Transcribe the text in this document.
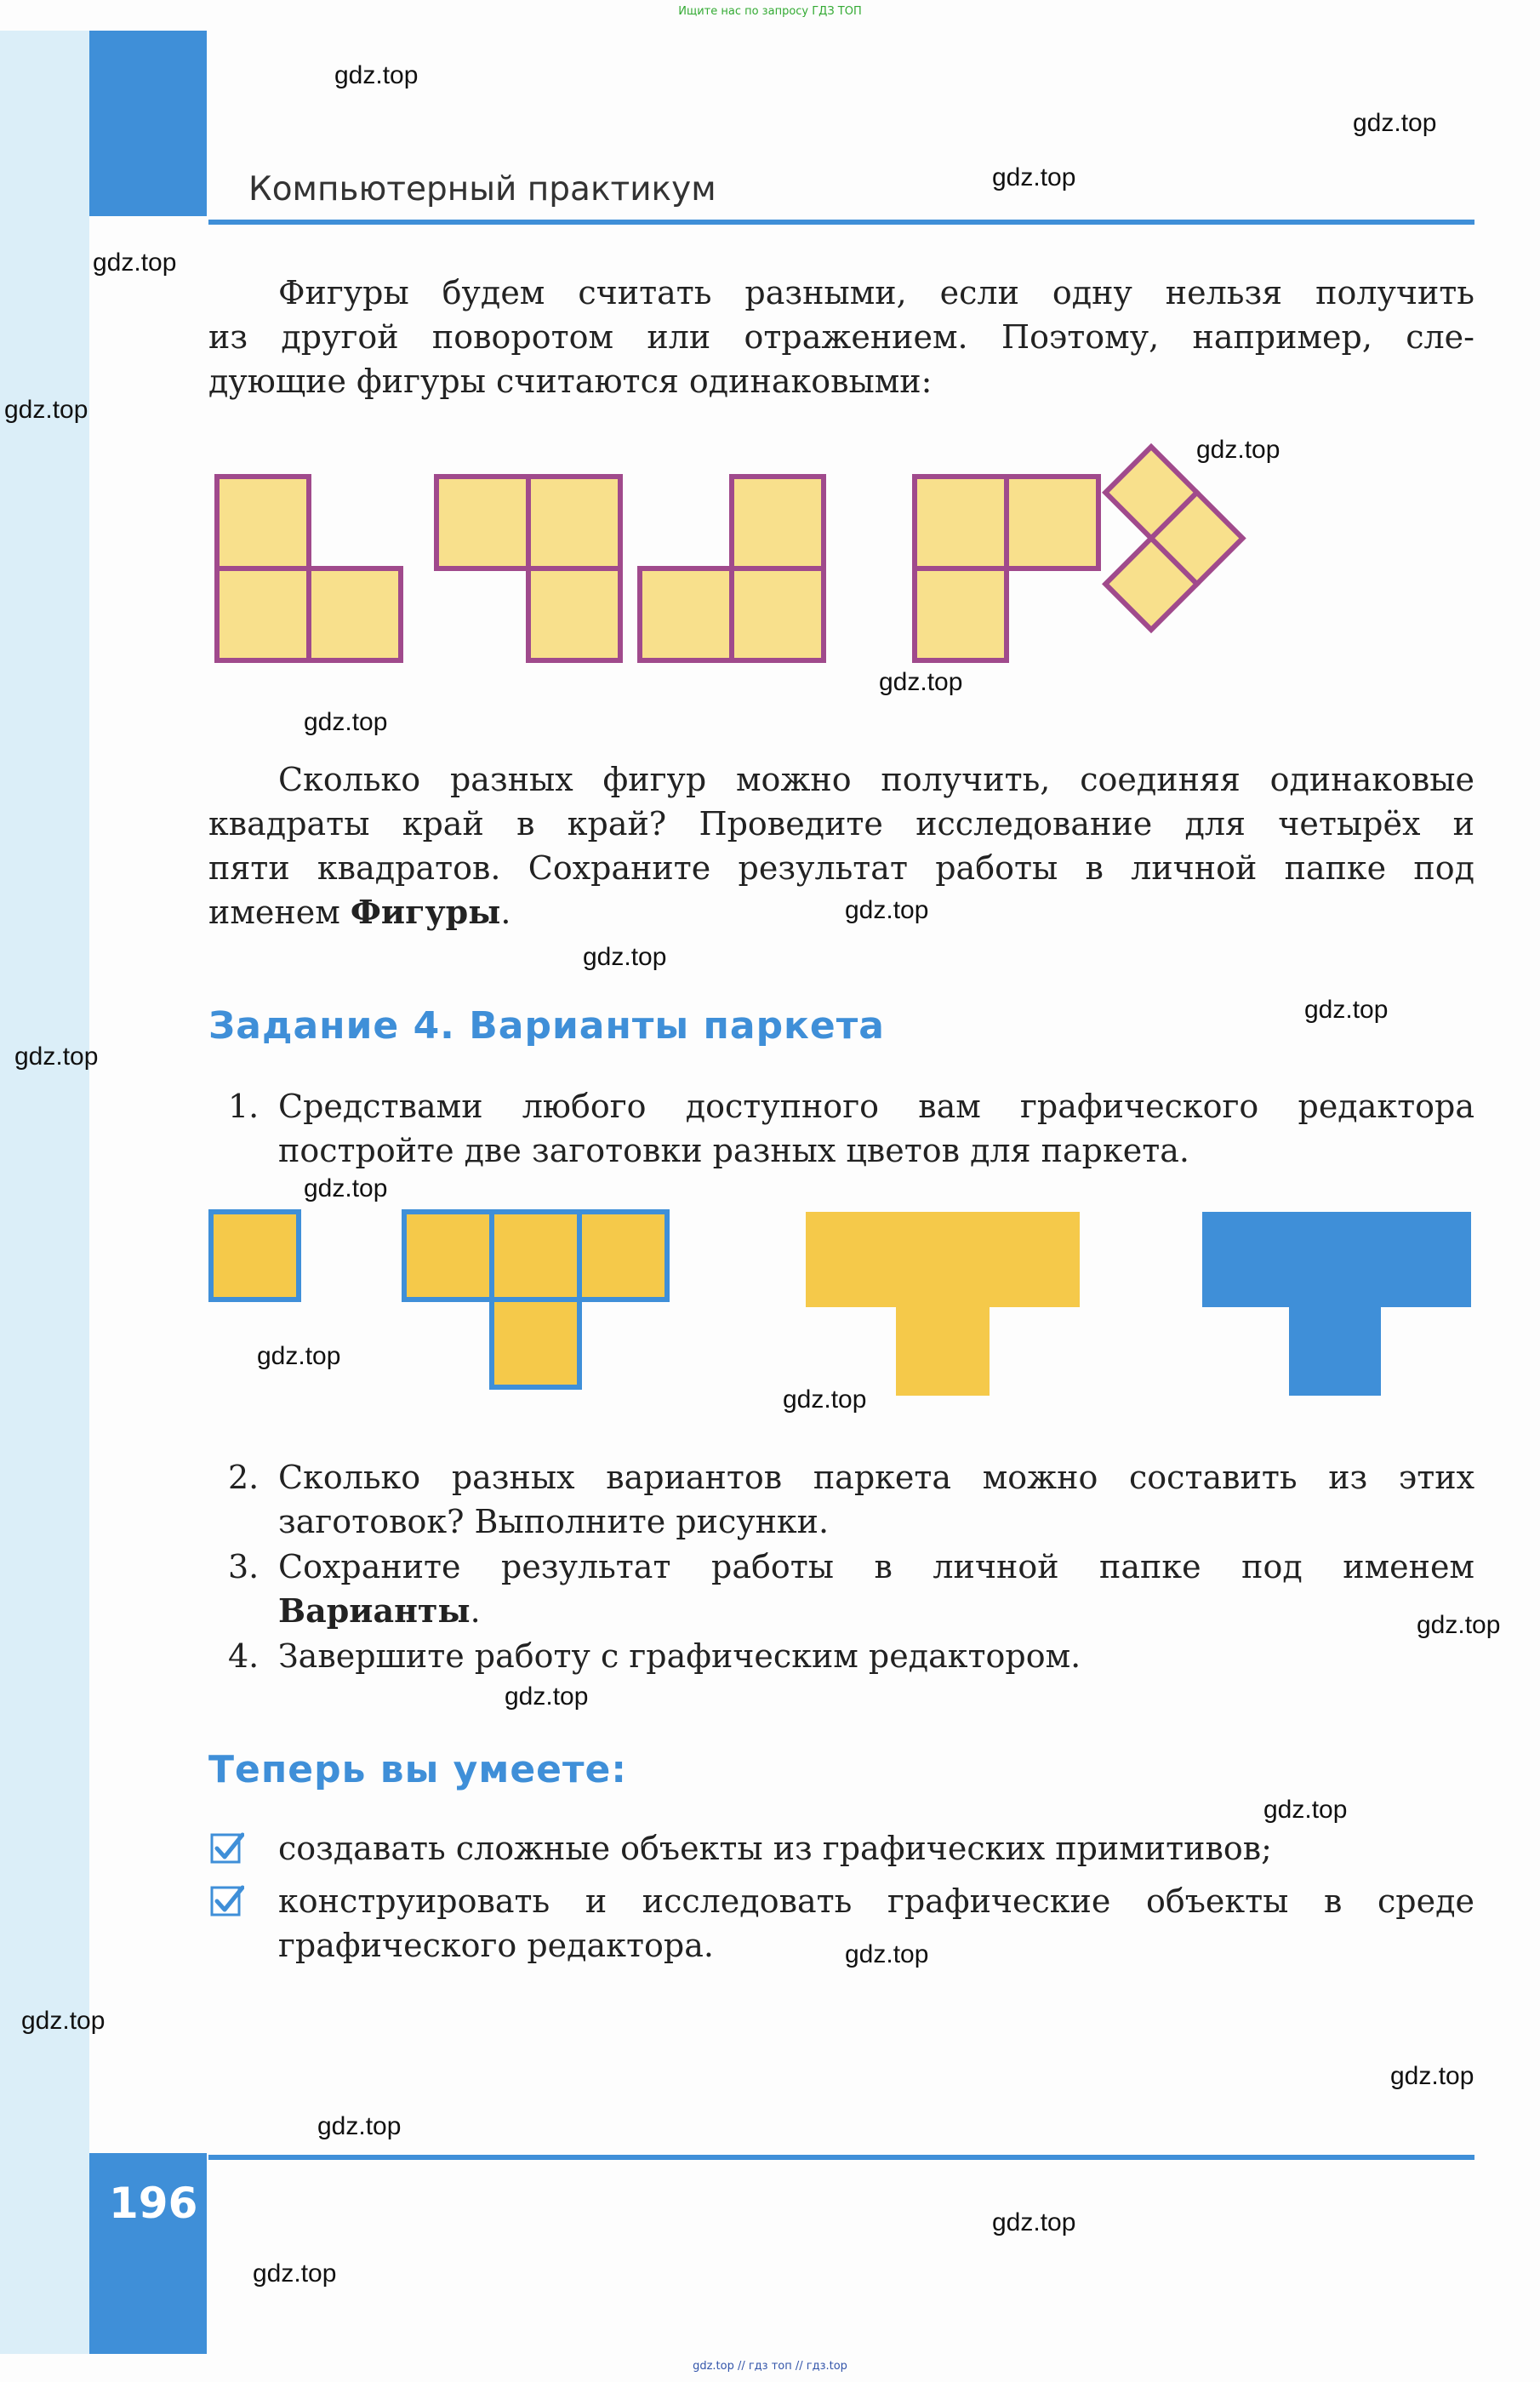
Ищите нас по запросу ГДЗ ТОП
Компьютерный практикум
Фигуры будем считать разными, если одну нельзя получить
из другой поворотом или отражением. Поэтому, например, сле-
дующие фигуры считаются одинаковыми:
Сколько разных фигур можно получить, соединяя одинаковые
квадраты край в край? Проведите исследование для четырёх и
пяти квадратов. Сохраните результат работы в личной папке под
именем Фигуры.
Задание 4. Варианты паркета
1. Средствами любого доступного вам графического редактора
постройте две заготовки разных цветов для паркета.
2. Сколько разных вариантов паркета можно составить из этих
заготовок? Выполните рисунки.
3. Сохраните результат работы в личной папке под именем
Варианты.
4. Завершите работу с графическим редактором.
Теперь вы умеете:
создавать сложные объекты из графических примитивов;
конструировать и исследовать графические объекты в среде
графического редактора.
196
gdz.top // гдз топ // гдз.top
gdz.top
gdz.top
gdz.top
gdz.top
gdz.top
gdz.top
gdz.top
gdz.top
gdz.top
gdz.top
gdz.top
gdz.top
gdz.top
gdz.top
gdz.top
gdz.top
gdz.top
gdz.top
gdz.top
gdz.top
gdz.top
gdz.top
gdz.top
gdz.top
